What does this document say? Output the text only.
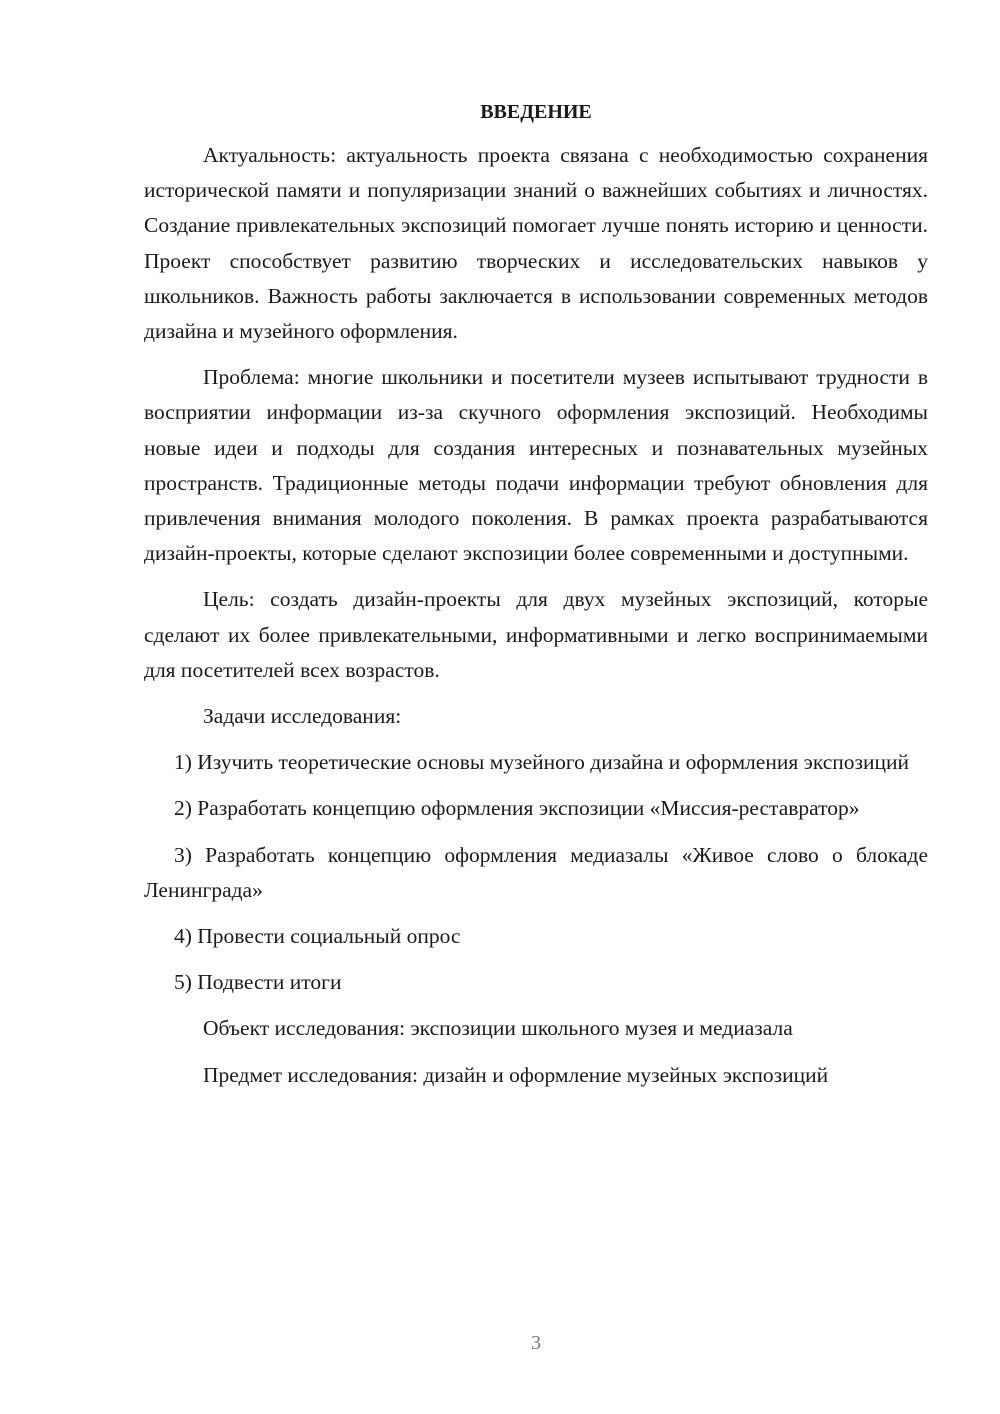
ВВЕДЕНИЕ

Актуальность: актуальность проекта связана с необходимостью сохранения исторической памяти и популяризации знаний о важнейших событиях и личностях. Создание привлекательных экспозиций помогает лучше понять историю и ценности. Проект способствует развитию творческих и исследовательских навыков у школьников. Важность работы заключается в использовании современных методов дизайна и музейного оформления.

Проблема: многие школьники и посетители музеев испытывают трудности в восприятии информации из-за скучного оформления экспозиций. Необходимы новые идеи и подходы для создания интересных и познавательных музейных пространств. Традиционные методы подачи информации требуют обновления для привлечения внимания молодого поколения. В рамках проекта разрабатываются дизайн-проекты, которые сделают экспозиции более современными и доступными.

Цель: создать дизайн-проекты для двух музейных экспозиций, которые сделают их более привлекательными, информативными и легко воспринимаемыми для посетителей всех возрастов.

Задачи исследования:

1) Изучить теоретические основы музейного дизайна и оформления экспозиций

2) Разработать концепцию оформления экспозиции «Миссия-реставратор»

3) Разработать концепцию оформления медиазалы «Живое слово о блокаде Ленинграда»

4) Провести социальный опрос

5) Подвести итоги

Объект исследования: экспозиции школьного музея и медиазала

Предмет исследования: дизайн и оформление музейных экспозиций

3
